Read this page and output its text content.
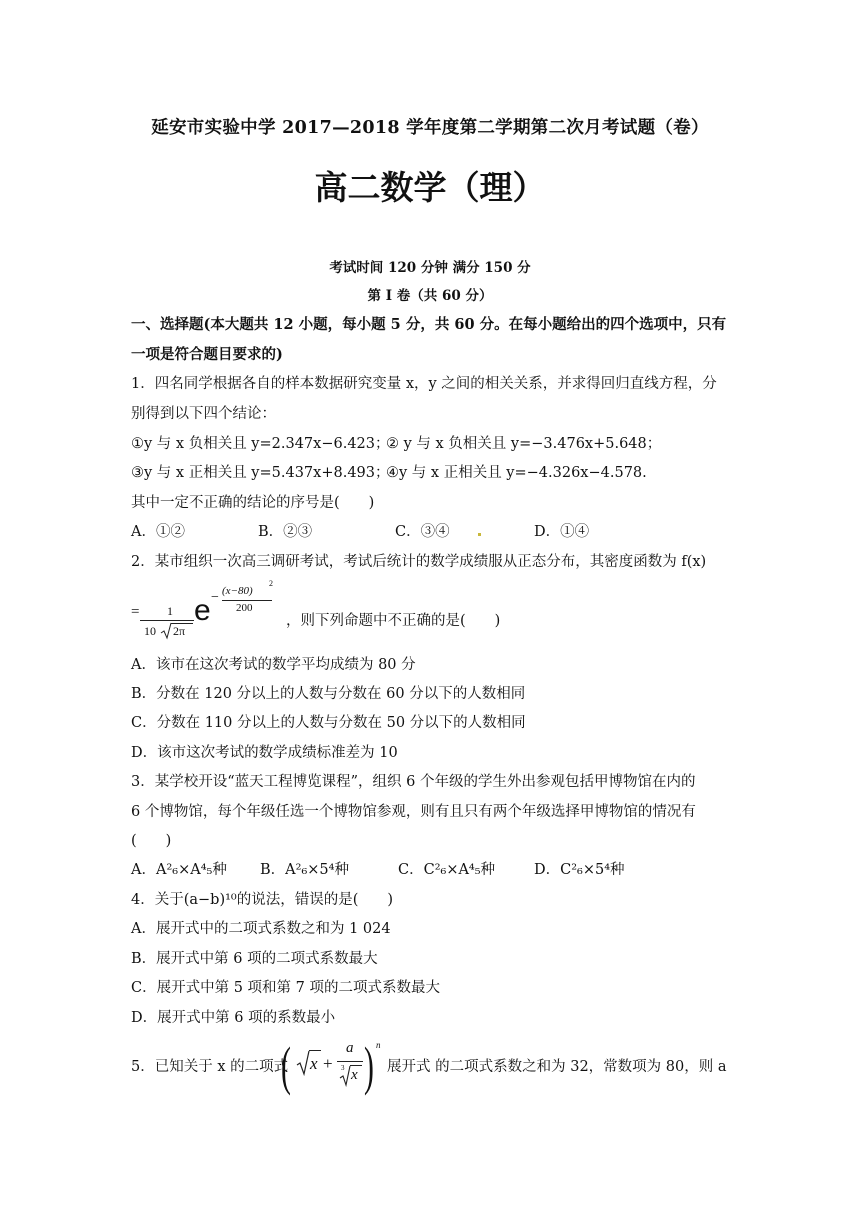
延安市实验中学 2017—2018 学年度第二学期第二次月考试题（卷）
高二数学（理）
考试时间 120 分钟 满分 150 分
第 I 卷（共 60 分）
一、选择题(本大题共 12 小题，每小题 5 分，共 60 分。在每小题给出的四个选项中，只有
一项是符合题目要求的)
1．四名同学根据各自的样本数据研究变量 x，y 之间的相关关系，并求得回归直线方程，分
别得到以下四个结论：
①y 与 x 负相关且 y=2.347x−6.423；
② y 与 x 负相关且 y=−3.476x+5.648；
③y 与 x 正相关且 y=5.437x+8.493；
④y 与 x 正相关且 y=−4.326x−4.578.
其中一定不正确的结论的序号是(　　)
A．①②	B．②③	C．③④	D．①④
2．某市组织一次高三调研考试，考试后统计的数学成绩服从正态分布，其密度函数为 f(x)
= 1
10 2π
e − (x−80)
2
200
，则下列命题中不正确的是(　　)
A．该市在这次考试的数学平均成绩为 80 分
B．分数在 120 分以上的人数与分数在 60 分以下的人数相同
C．分数在 110 分以上的人数与分数在 50 分以下的人数相同
D．该市这次考试的数学成绩标准差为 10
3．某学校开设“蓝天工程博览课程”，组织 6 个年级的学生外出参观包括甲博物馆在内的
6 个博物馆，每个年级任选一个博物馆参观，则有且只有两个年级选择甲博物馆的情况有
(　　)
A．A²₆×A⁴₅种 B．A²₆×5⁴种	C．C²₆×A⁴₅种	D．C²₆×5⁴种
4．关于(a−b)¹⁰的说法，错误的是(　　)
A．展开式中的二项式系数之和为 1 024
B．展开式中第 6 项的二项式系数最大
C．展开式中第 5 项和第 7 项的二项式系数最大
D．展开式中第 6 项的系数最小
5．已知关于 x 的二项式
( x +
a
3 x ) n
展开式 的二项式系数之和为 32，常数项为 80，则 a
